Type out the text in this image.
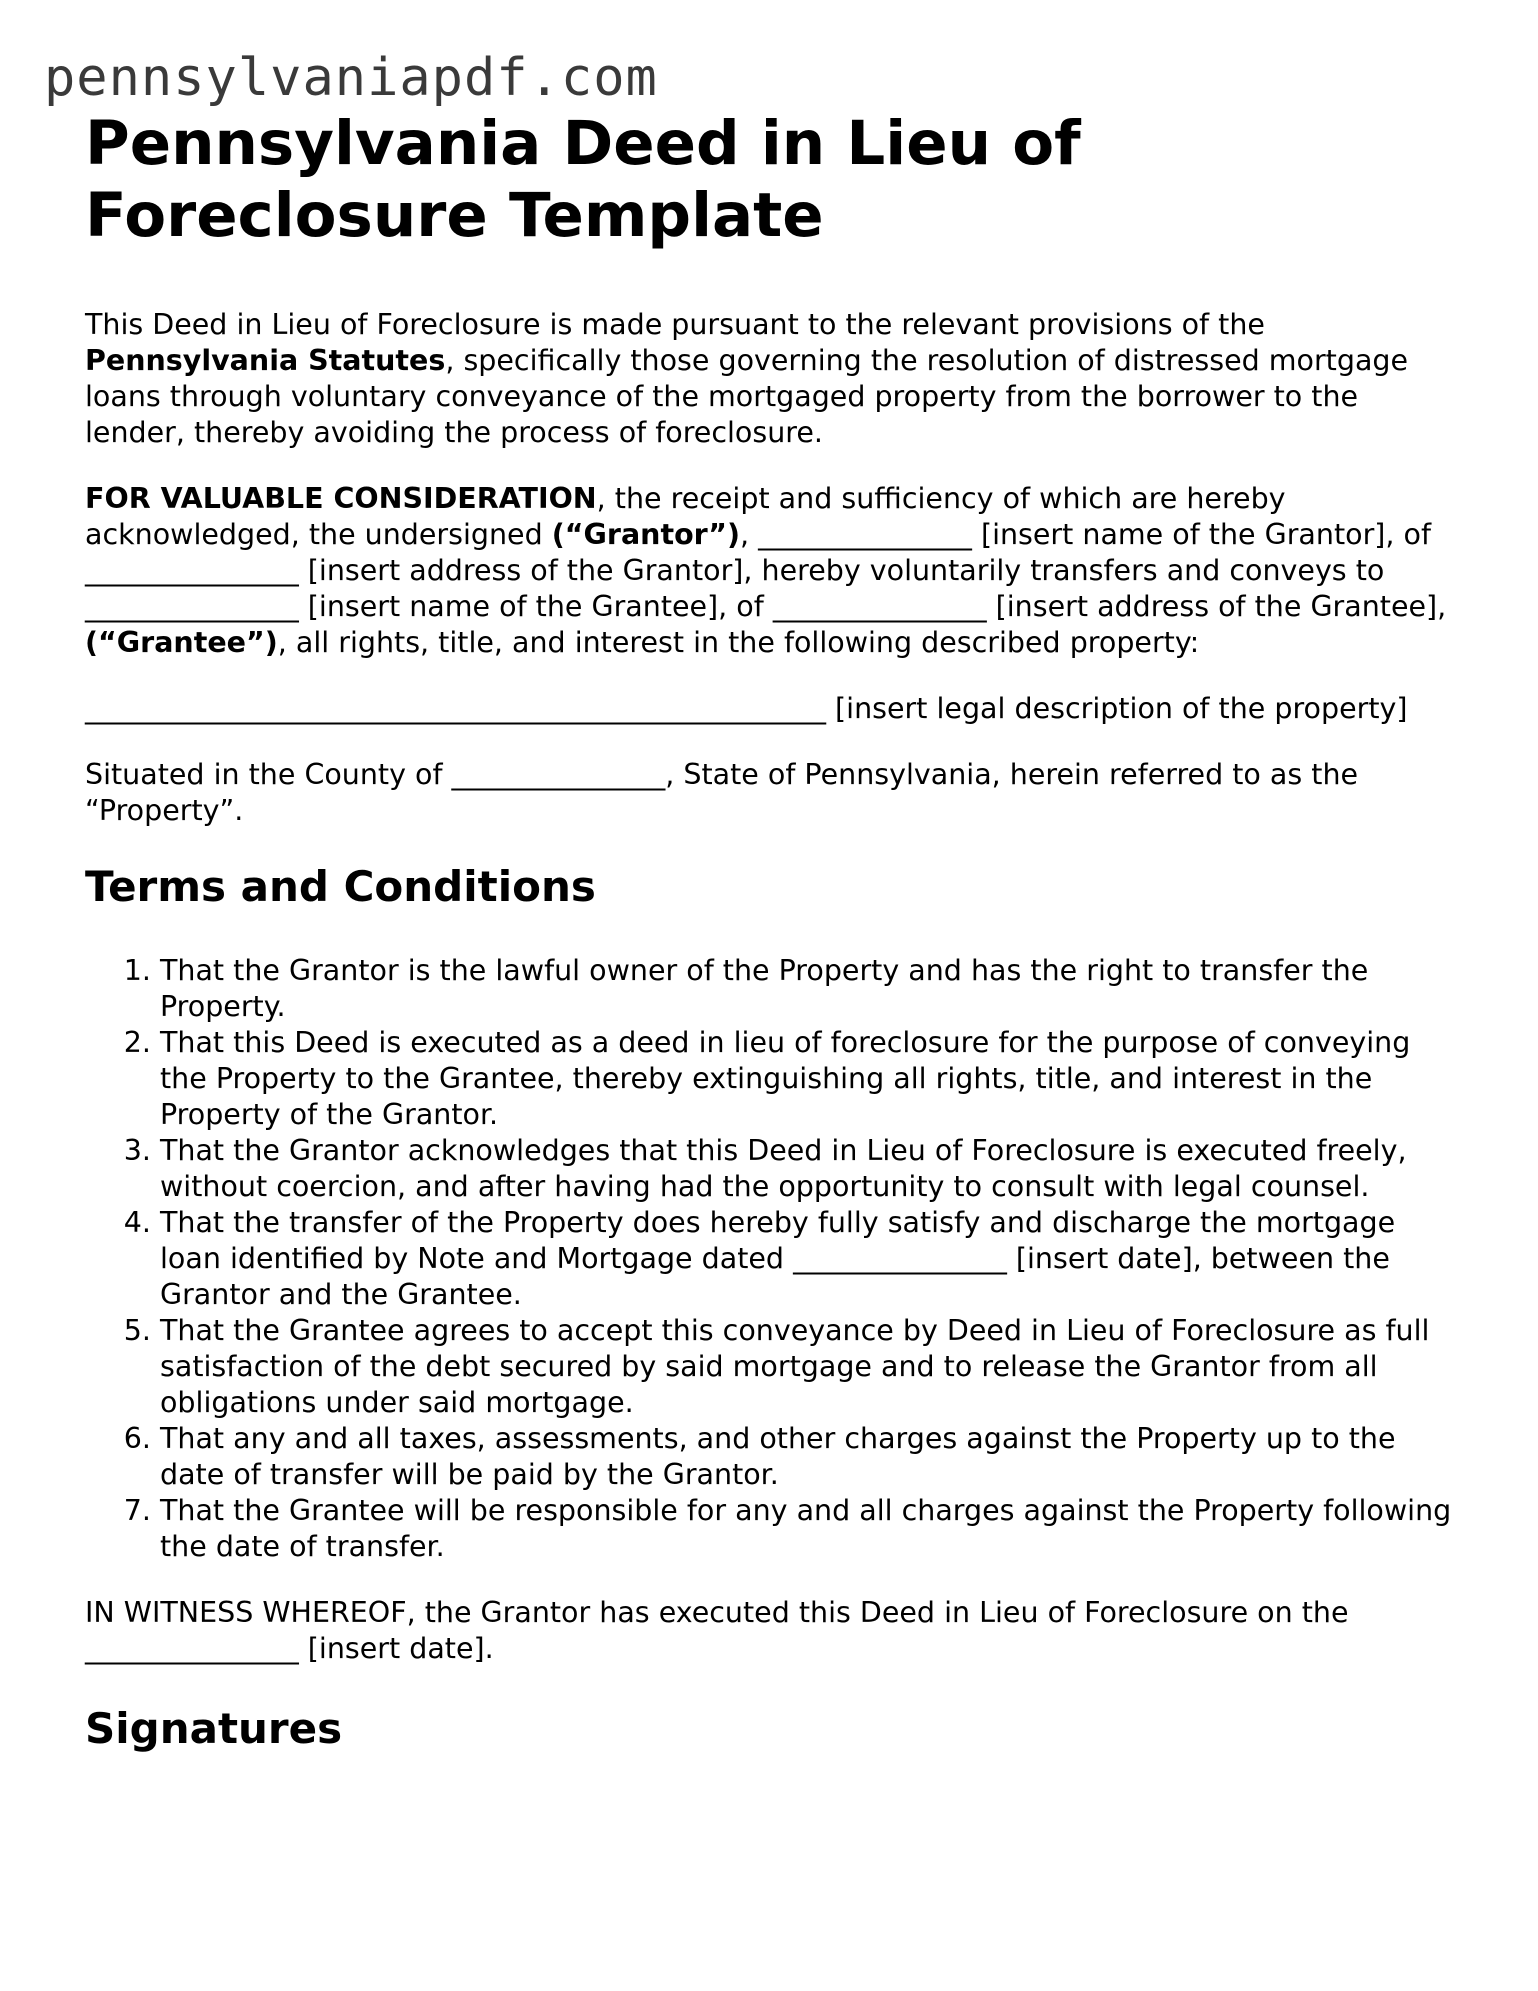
pennsylvaniapdf.com
Pennsylvania Deed in Lieu of Foreclosure Template

This Deed in Lieu of Foreclosure is made pursuant to the relevant provisions of the Pennsylvania Statutes, specifically those governing the resolution of distressed mortgage loans through voluntary conveyance of the mortgaged property from the borrower to the lender, thereby avoiding the process of foreclosure.

FOR VALUABLE CONSIDERATION, the receipt and sufficiency of which are hereby acknowledged, the undersigned (“Grantor”), _______________ [insert name of the Grantor], of _______________ [insert address of the Grantor], hereby voluntarily transfers and conveys to _______________ [insert name of the Grantee], of _______________ [insert address of the Grantee], (“Grantee”), all rights, title, and interest in the following described property:

____________________________________________________ [insert legal description of the property]

Situated in the County of _______________, State of Pennsylvania, herein referred to as the “Property”.

Terms and Conditions
1. That the Grantor is the lawful owner of the Property and has the right to transfer the Property.
2. That this Deed is executed as a deed in lieu of foreclosure for the purpose of conveying the Property to the Grantee, thereby extinguishing all rights, title, and interest in the Property of the Grantor.
3. That the Grantor acknowledges that this Deed in Lieu of Foreclosure is executed freely, without coercion, and after having had the opportunity to consult with legal counsel.
4. That the transfer of the Property does hereby fully satisfy and discharge the mortgage loan identified by Note and Mortgage dated _______________ [insert date], between the Grantor and the Grantee.
5. That the Grantee agrees to accept this conveyance by Deed in Lieu of Foreclosure as full satisfaction of the debt secured by said mortgage and to release the Grantor from all obligations under said mortgage.
6. That any and all taxes, assessments, and other charges against the Property up to the date of transfer will be paid by the Grantor.
7. That the Grantee will be responsible for any and all charges against the Property following the date of transfer.

IN WITNESS WHEREOF, the Grantor has executed this Deed in Lieu of Foreclosure on the _______________ [insert date].

Signatures
